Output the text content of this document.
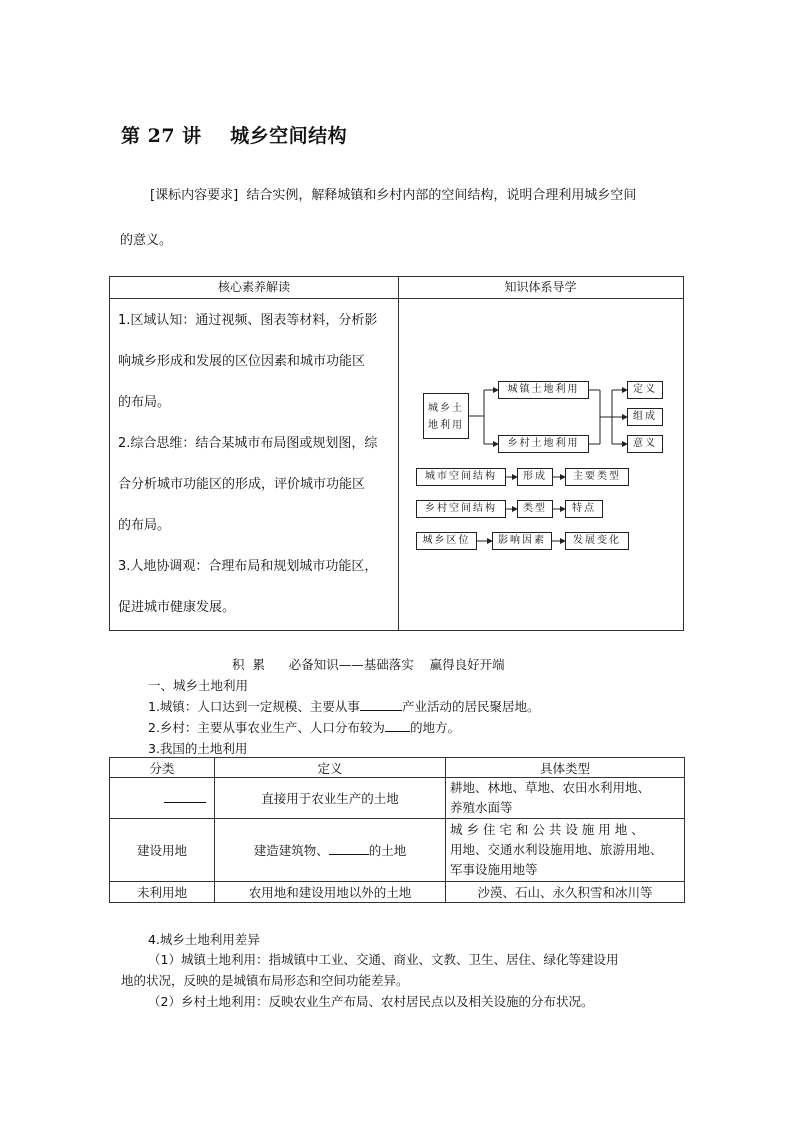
第 27 讲    城乡空间结构
[课标内容要求] 结合实例，解释城镇和乡村内部的空间结构，说明合理利用城乡空间
的意义。
核心素养解读	知识体系导学
1.区域认知：通过视频、图表等材料，分析影
响城乡形成和发展的区位因素和城市功能区
的布局。
2.综合思维：结合某城市布局图或规划图，综
合分析城市功能区的形成，评价城市功能区
的布局。
3.人地协调观：合理布局和规划城市功能区，
促进城市健康发展。
城乡土
地利用
城镇土地利用
乡村土地利用
定义
组成
意义
城市空间结构	形成	主要类型
乡村空间结构	类型	特点
城乡区位	影响因素	发展变化
积  累      必备知识——基础落实    赢得良好开端
一、城乡土地利用
1.城镇：人口达到一定规模、主要从事	产业活动的居民聚居地。
2.乡村：主要从事农业生产、人口分布较为 的地方。
3.我国的土地利用
分类	定义	具体类型
	直接用于农业生产的土地	耕地、林地、草地、农田水利用地、
养殖水面等

建设用地	建造建筑物、 的土地	城 乡 住 宅 和 公 共 设 施 用 地 、
用地、交通水利设施用地、旅游用地、
军事设施用地等

未利用地	农用地和建设用地以外的土地	沙漠、石山、永久积雪和冰川等
4.城乡土地利用差异
（1）城镇土地利用：指城镇中工业、交通、商业、文教、卫生、居住、绿化等建设用
地的状况，反映的是城镇布局形态和空间功能差异。
（2）乡村土地利用：反映农业生产布局、农村居民点以及相关设施的分布状况。
